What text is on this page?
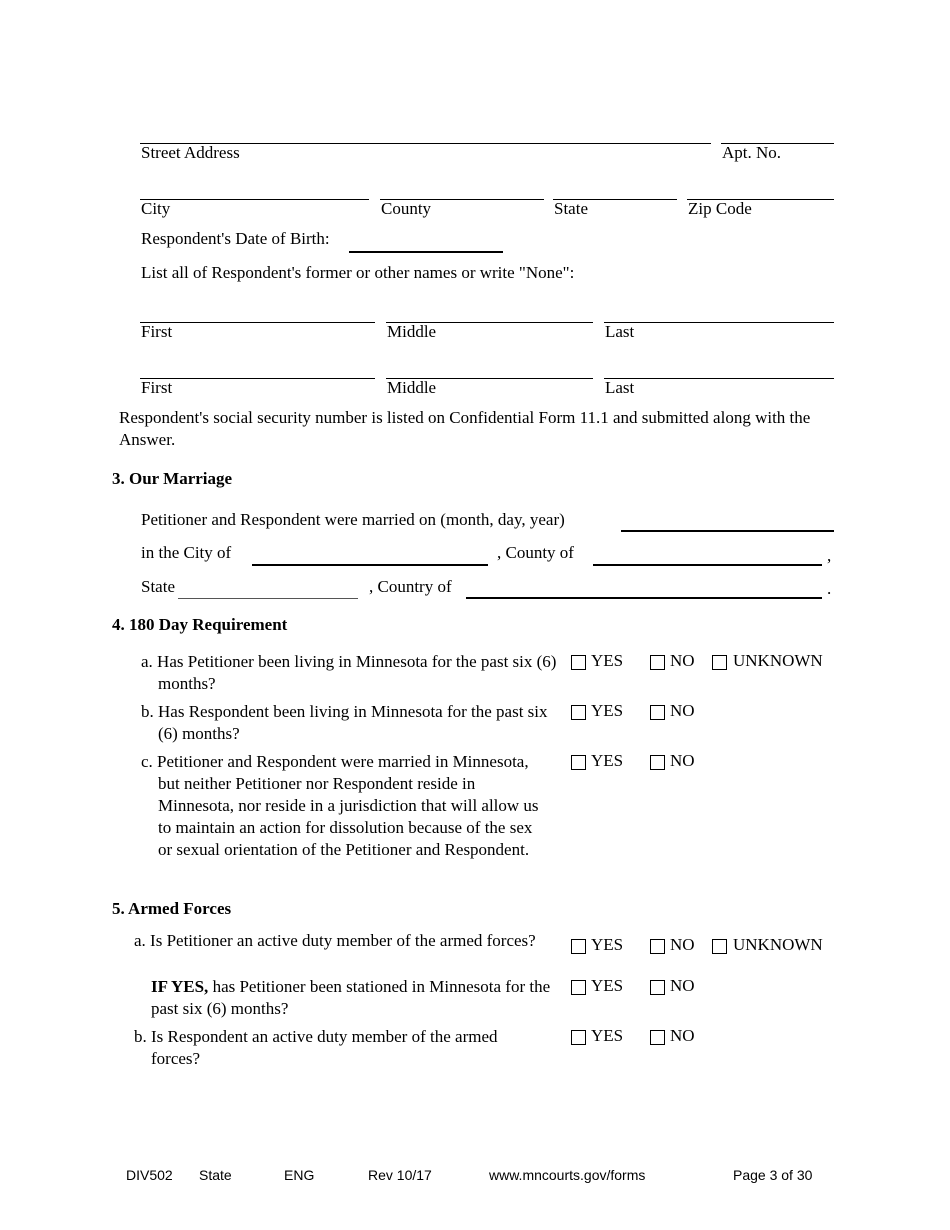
Street Address	Apt. No.
City	County	State	Zip Code
Respondent's Date of Birth:
List all of Respondent's former or other names or write "None":
First	Middle	Last
First	Middle	Last
Respondent's social security number is listed on Confidential Form 11.1 and submitted along with the Answer.
3. Our Marriage
Petitioner and Respondent were married on (month, day, year)
in the City of	, County of	,
State	, Country of	.
4. 180 Day Requirement
a. Has Petitioner been living in Minnesota for the past six (6) months?
YES	NO UNKNOWN
b. Has Respondent been living in Minnesota for the past six (6) months?
YES	NO
c. Petitioner and Respondent were married in Minnesota, but neither Petitioner nor Respondent reside in Minnesota, nor reside in a jurisdiction that will allow us to maintain an action for dissolution because of the sex or sexual orientation of the Petitioner and Respondent.
YES	NO
5. Armed Forces
a. Is Petitioner an active duty member of the armed forces?	YES	NO UNKNOWN
IF YES, has Petitioner been stationed in Minnesota for the past six (6) months?
YES	NO
b. Is Respondent an active duty member of the armed forces?
YES	NO
DIV502 State	ENG	Rev 10/17	www.mncourts.gov/forms	Page 3 of 30
